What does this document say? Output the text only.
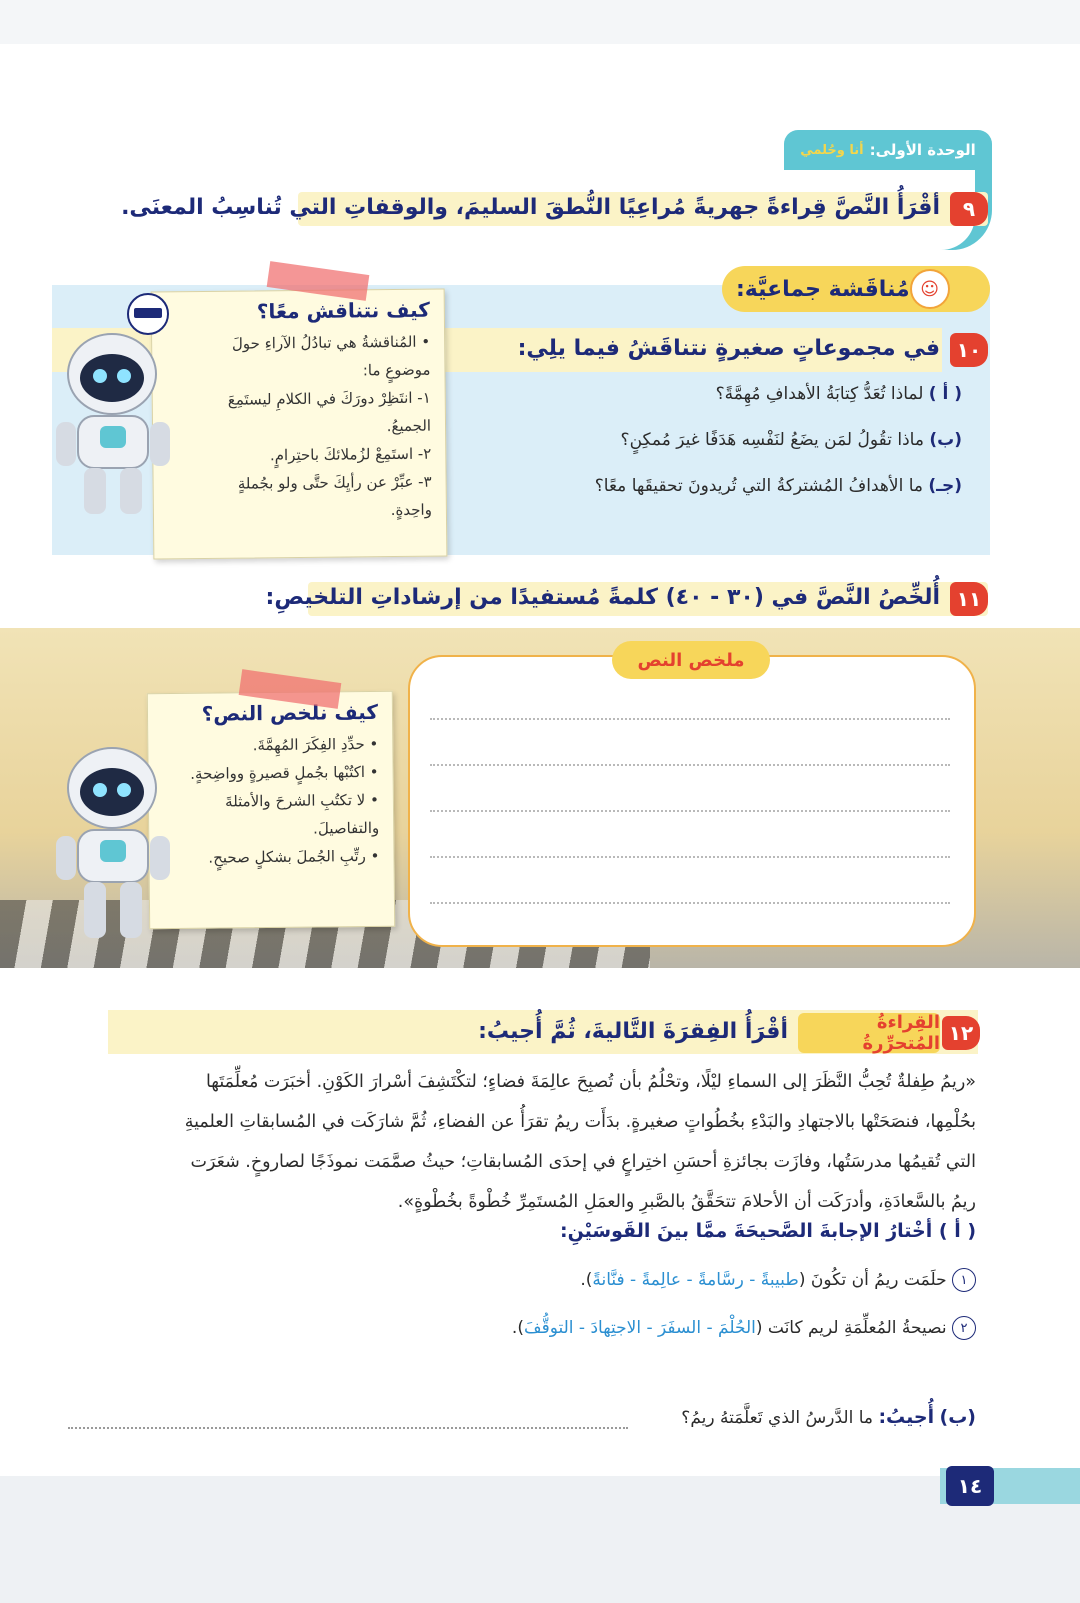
الوحدة الأولى:
أنا وحُلمي
٩
أقْرَأُ النَّصَّ قِراءةً جهريةً مُراعِيًا النُّطقَ السليمَ، والوقفاتِ التي تُناسِبُ المعنَى.
☺
مُناقَشة جماعيَّة:
١٠
في مجموعاتٍ صغيرةٍ نتناقَشُ فيما يلِي:
( أ ) لماذا تُعَدُّ كِتابَةُ الأهدافِ مُهِمَّةً؟
(ب) ماذا تقُولُ لمَن يضَعُ لنَفْسِه هَدَفًا غيرَ مُمكِنٍ؟
(جـ) ما الأهدافُ المُشتركةُ التي تُريدونَ تحقيقَها معًا؟
كيف نتناقش معًا؟
• المُناقشةُ هي تبادُلُ الآراءِ حولَ
موضوعٍ ما:
١- انتَظِرْ دورَكَ في الكلامِ ليستَمِعَ
الجميعُ.
٢- استَمِعْ لزُملائكَ باحتِرامٍ.
٣- عبِّرْ عن رأيِكَ حتَّى ولو بجُملةٍ
واحِدةٍ.
١١
أُلخِّصُ النَّصَّ في (٣٠ - ٤٠) كلمةً مُستفيدًا من إرشاداتِ التلخيصِ:
ملخص النص
كيف نلخص النص؟
• حدِّدِ الفِكَرَ المُهِمَّةَ.
• اكتُبْها بجُملٍ قصيرةٍ وواضِحةٍ.
• لا تكتُبِ الشرحَ والأمثلةَ
والتفاصيلَ.
• رتِّبِ الجُملَ بشكلٍ صحيحٍ.
١٢
القِراءةُ المُتحرِّرةُ
أقْرَأُ الفِقرَةَ التَّاليةَ، ثُمَّ أُجيبُ:

«ريمُ طِفلةٌ تُحِبُّ النَّظَرَ إلى السماءِ ليْلًا، وتحْلُمُ بأن تُصبِحَ عالِمَةَ فضاءٍ؛ لتكْتَشِفَ أسْرارَ الكَوْنِ. أخبَرَت مُعلِّمَتَها

بحُلْمِها، فنصَحَتْها بالاجتهادِ والبَدْءِ بخُطُواتٍ صغيرةٍ. بدَأَت ريمُ تقرَأُ عن الفضاءِ، ثُمَّ شارَكَت في المُسابقاتِ العلميةِ

التي تُقيمُها مدرسَتُها، وفازَت بجائزةِ أحسَنِ اختِراعٍ في إحدَى المُسابقاتِ؛ حيثُ صمَّمَت نموذَجًا لصاروخٍ. شعَرَت

ريمُ بالسَّعادَةِ، وأدرَكَت أن الأحلامَ تتحَقَّقُ بالصَّبرِ والعمَلِ المُستَمِرِّ خُطْوةً بخُطْوةٍ».

( أ ) أخْتارُ الإجابةَ الصَّحيحَةَ ممَّا بينَ القَوسَيْنِ:
١ حلَمَت ريمُ أن تكُونَ (طبيبةً - رسَّامةً - عالِمةً - فنَّانةً).
٢ نصيحةُ المُعلِّمَةِ لريم كانَت (الحُلْمَ - السفَرَ - الاجتِهادَ - التوقُّفَ).
(ب) أُجيبُ: ما الدَّرسُ الذي تَعلَّمَتهُ ريمُ؟
١٤
